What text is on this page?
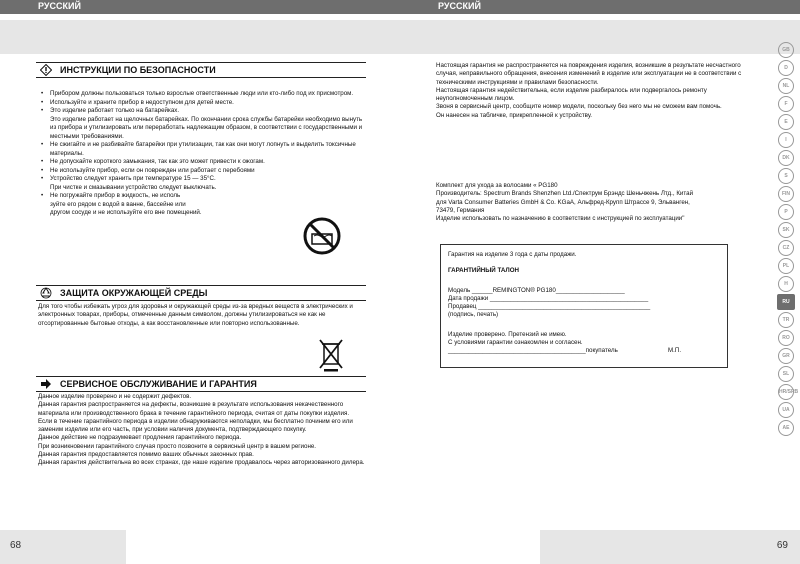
РУССКИЙ
ИНСТРУКЦИИ ПО БЕЗОПАСНОСТИ
• Прибором должны пользоваться только взрослые ответственные люди или кто-либо под их присмотром.
• Используйте и храните прибор в недоступном для детей месте.
• Это изделие работает только на батарейках.
Это изделие работает на щелочных батарейках. По окончании срока службы батарейки необходимо вынуть из прибора и утилизировать или переработать надлежащим образом, в соответствии с государственными и местными требованиями.
• Не сжигайте и не разбивайте батарейки при утилизации, так как они могут лопнуть и выделить токсичные материалы.
• Не допускайте короткого замыкания, так как это может привести к ожогам.
• Не используйте прибор, если он поврежден или работает с перебоями
• Устройство следует хранить при температуре 15 — 35°C.
При чистке и смазывании устройство следует выключать.
• Не погружайте прибор в жидкость, не исполь
зуйте его рядом с водой в ванне, бассейне или
другом сосуде и не используйте его вне помещений.
ЗАЩИТА ОКРУЖАЮЩЕЙ СРЕДЫ
Для того чтобы избежать угроз для здоровья и окружающей среды из-за вредных веществ в электрических и электронных товарах, приборы, отмеченные данным символом, должны утилизироваться не как не отсортированные бытовые отходы, а как восстановленные или повторно использованные.
СЕРВИСНОЕ ОБСЛУЖИВАНИЕ И ГАРАНТИЯ
Данное изделие проверено и не содержит дефектов.
Данная гарантия распространяется на дефекты, возникшие в результате использования некачественного материала или производственного брака в течение гарантийного периода, считая от даты покупки изделия.
Если в течение гарантийного периода в изделии обнаруживаются неполадки, мы бесплатно починим его или заменим изделие или его часть, при условии наличия документа, подтверждающего покупку.
Данное действие не подразумевает продления гарантийного периода.
При возникновении гарантийного случая просто позвоните в сервисный центр в вашем регионе.
Данная гарантия предоставляется помимо ваших обычных законных прав.
Данная гарантия действительна во всех странах, где наше изделие продавалось через авторизованного дилера.
68
РУССКИЙ
Настоящая гарантия не распространяется на повреждения изделия, возникшие в результате несчастного случая, неправильного обращения, внесения изменений в изделие или эксплуатации не в соответствии с техническими инструкциями и правилами безопасности.
Настоящая гарантия недействительна, если изделие разбиралось или подвергалось ремонту неуполномоченным лицом.
Звоня в сервисный центр, сообщите номер модели, поскольку без него мы не сможем вам помочь.
Он нанесен на табличке, прикрепленной к устройству.
Комплект для ухода за волосами « PG180
Производитель: Spectrum Brands Shenzhen Ltd./Спектрум Брэндс Шеньчжень Лтд., Китай
для Varta Consumer Batteries GmbH & Co. KGaA, Альфред-Крупп Штрассе 9, Эльванген,
73479, Германия
Изделие использовать по назначению в соответствии с инструкцией по эксплуатации"
Гарантия на изделие 3 года с даты продажи.
ГАРАНТИЙНЫЙ ТАЛОН
Модель ______REMINGTON® PG180____________________
Дата продажи ______________________________________________
Продавец __________________________________________________
(подпись, печать)
Изделие проверено. Претензий не имею.
С условиями гарантии ознакомлен и согласен.
________________________________________покупатель	М.П.
GB
D
NL
F
E
I
DK
S
FIN
P
SK
CZ
PL
H
RU
TR
RO
GR
SL
HR/SRB
UA
AE
69
